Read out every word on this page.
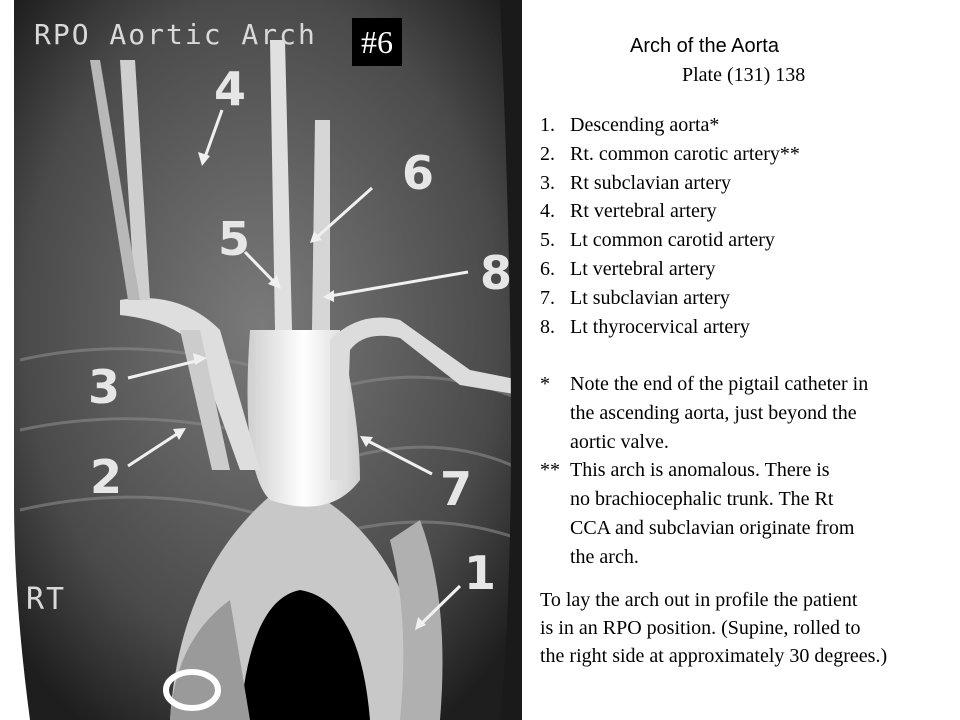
RPO Aortic Arch
RT
4
6
5
8
3
2	7
1
#6	Arch of the Aorta
Plate (131) 138
1. Descending aorta*
2. Rt. common carotic artery**
3. Rt subclavian artery
4. Rt vertebral artery
5. Lt common carotid artery
6. Lt vertebral artery
7. Lt subclavian artery
8. Lt thyrocervical artery
*	Note the end of the pigtail catheter in
the ascending aorta, just beyond the
aortic valve.
** This arch is anomalous. There is
no brachiocephalic trunk. The Rt
CCA and subclavian originate from
the arch.
To lay the arch out in profile the patient
is in an RPO position. (Supine, rolled to
the right side at approximately 30 degrees.)
